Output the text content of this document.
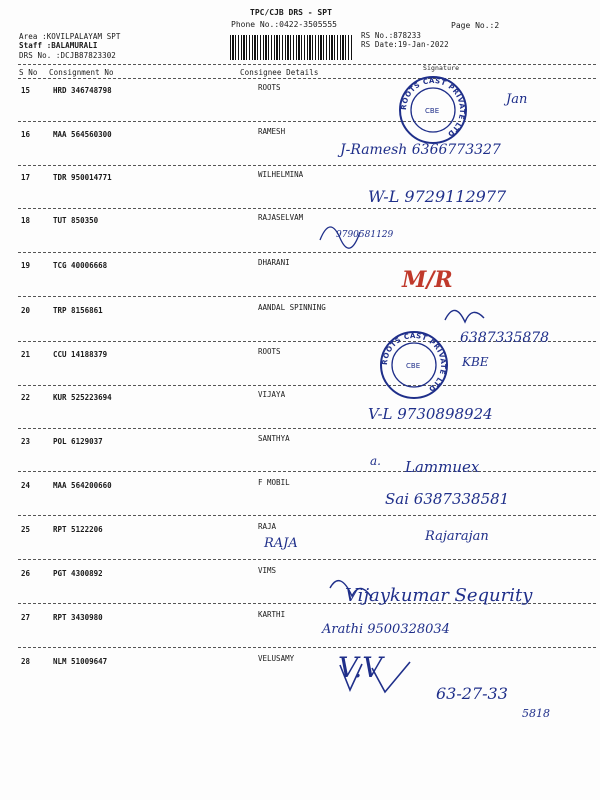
TPC/CJB DRS - SPT
Phone No.:0422-3505555	Page No.:2
Area :KOVILPALAYAM SPT
Staff :BALAMURALI
DRS No. :DCJB87823302
RS No.:878233
RS Date:19-Jan-2022
S No Consignment No	Consignee Details	Signature
15	HRD 346748798	ROOTS
16	MAA 564560300	RAMESH
17	TDR 950014771	WILHELMINA
18	TUT 850350	RAJASELVAM
19	TCG 40006668	DHARANI
20	TRP 8156861	AANDAL SPINNING
21	CCU 14188379	ROOTS
22	KUR 525223694	VIJAYA
23	POL 6129037	SANTHYA
24	MAA 564200660	F MOBIL
25	RPT 5122206	RAJA
26	PGT 4300892	VIMS
27	RPT 3430980	KARTHI
28	NLM 51009647	VELUSAMY
ROOTS CAST PRIVATE LTD
CBE
ROOTS CAST PRIVATE LTD
CBE
Jan
J-Ramesh 6366773327
W-L 9729112977
9790581129
M/R
6387335878
KBE
V-L 9730898924
a. Lammuex
Sai 6387338581
RAJA	Rajarajan
Vijaykumar Sequrity
Arathi 9500328034
V.V
63-27-33
5818
